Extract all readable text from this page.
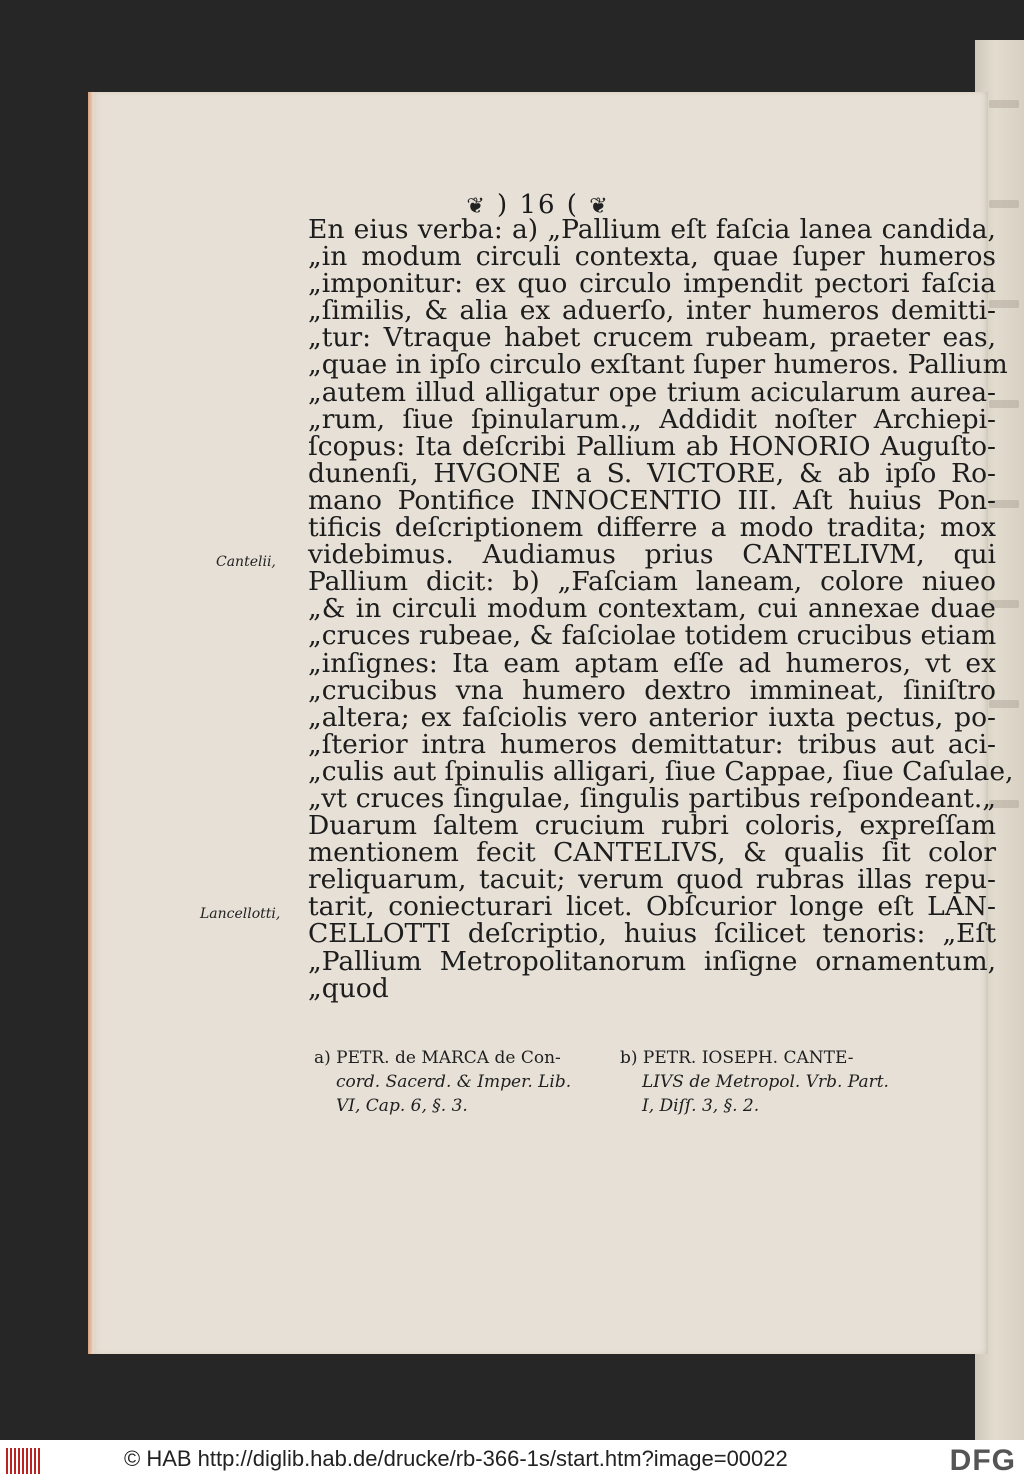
❦ ) 16 ( ❦
Cantelii,
Lancellotti,
En eius verba: a) „Pallium eſt faſcia lanea candida,
„in modum circuli contexta, quae ſuper humeros
„imponitur: ex quo circulo impendit pectori faſcia
„ſimilis, & alia ex aduerſo, inter humeros demitti-
„tur: Vtraque habet crucem rubeam, praeter eas,
„quae in ipſo circulo exſtant ſuper humeros. Pallium
„autem illud alligatur ope trium acicularum aurea-
„rum, ſiue ſpinularum.„ Addidit noſter Archiepi-
ſcopus: Ita deſcribi Pallium ab HONORIO Auguſto-
dunenſi, HVGONE a S. VICTORE, & ab ipſo Ro-
mano Pontifice INNOCENTIO III. Aſt huius Pon-
tificis deſcriptionem differre a modo tradita; mox
videbimus. Audiamus prius CANTELIVM, qui
Pallium dicit: b) „Faſciam laneam, colore niueo
„& in circuli modum contextam, cui annexae duae
„cruces rubeae, & faſciolae totidem crucibus etiam
„inſignes: Ita eam aptam eſſe ad humeros, vt ex
„crucibus vna humero dextro immineat, ſiniſtro
„altera; ex faſciolis vero anterior iuxta pectus, po-
„ſterior intra humeros demittatur: tribus aut aci-
„culis aut ſpinulis alligari, ſiue Cappae, ſiue Caſulae,
„vt cruces ſingulae, ſingulis partibus reſpondeant.„
Duarum ſaltem crucium rubri coloris, expreſſam
mentionem fecit CANTELIVS, & qualis ſit color
reliquarum, tacuit; verum quod rubras illas repu-
tarit, coniecturari licet. Obſcurior longe eſt LAN-
CELLOTTI deſcriptio, huius ſcilicet tenoris: „Eſt
„Pallium Metropolitanorum inſigne ornamentum,
„quod
a) PETR. de MARCA de Con-
cord. Sacerd. & Imper. Lib.
VI, Cap. 6, §. 3.
b) PETR. IOSEPH. CANTE-
LIVS de Metropol. Vrb. Part.
I, Diſſ. 3, §. 2.
© HAB http://diglib.hab.de/drucke/rb-366-1s/start.htm?image=00022	DFG
